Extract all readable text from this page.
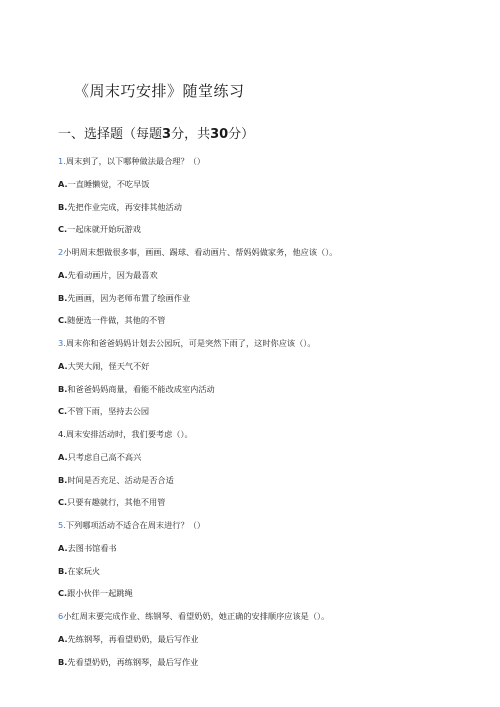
《周末巧安排》随堂练习
一、选择题（每题3分，共30分）
1.周末到了，以下哪种做法最合理？（）
A.一直睡懒觉，不吃早饭
B.先把作业完成，再安排其他活动
C.一起床就开始玩游戏
2小明周末想做很多事，画画、踢球、看动画片、帮妈妈做家务，他应该（）。
A.先看动画片，因为最喜欢
B.先画画，因为老师布置了绘画作业
C.随便选一件做，其他的不管
3.周末你和爸爸妈妈计划去公园玩，可是突然下雨了，这时你应该（）。
A.大哭大闹，怪天气不好
B.和爸爸妈妈商量，看能不能改成室内活动
C.不管下雨，坚持去公园
4.周末安排活动时，我们要考虑（）。
A.只考虑自己高不高兴
B.时间是否充足、活动是否合适
C.只要有趣就行，其他不用管
5.下列哪项活动不适合在周末进行？（）
A.去图书馆看书
B.在家玩火
C.跟小伙伴一起跳绳
6小红周末要完成作业、练钢琴、看望奶奶，她正确的安排顺序应该是（）。
A.先练钢琴，再看望奶奶，最后写作业
B.先看望奶奶，再练钢琴，最后写作业
